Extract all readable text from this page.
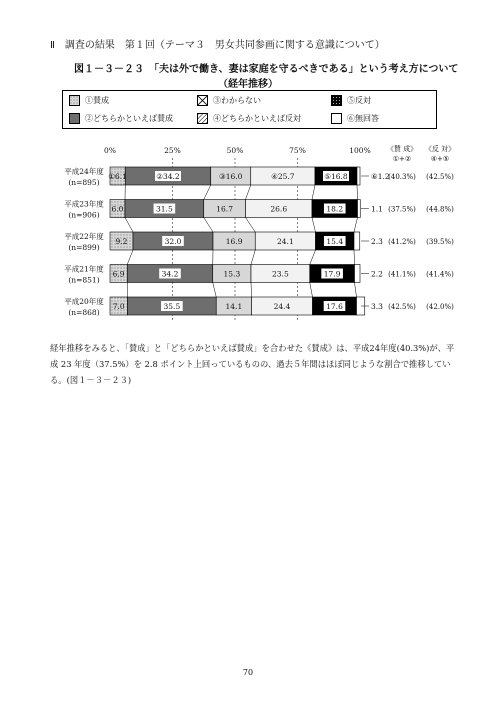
Ⅱ　調査の結果　第１回（テーマ３　男女共同参画に関する意識について）
図１－３－２３　「夫は外で働き、妻は家庭を守るべきである」という考え方について
（経年推移）
①賛成	③わからない	⑤反対
②どちらかといえば賛成	④どちらかといえば反対	⑥無回答
0%	25%	50%	75%	100% 《賛 成》
①+②
《反 対》
④+⑤
平成24年度
(n=895)
①6.1	②34.2	③16.0	④25.7	⑤16.8	⑥1.2
(40.3%) (42.5%)
平成23年度
(n=906)
6.0	31.5	16.7	26.6	18.2	1.1 (37.5%) (44.8%)
平成22年度
(n=899)
9.2	32.0	16.9	24.1	15.4	2.3 (41.2%) (39.5%)
平成21年度
(n=851)
6.9	34.2	15.3	23.5	17.9	2.2 (41.1%) (41.4%)
平成20年度
(n=868)
7.0	35.5	14.1	24.4	17.6	3.3 (42.5%) (42.0%)
経年推移をみると、「賛成」と「どちらかといえば賛成」を合わせた《賛成》は、平成24年度(40.3%)が、平成 23 年度（37.5%）を 2.8 ポイント上回っているものの、過去５年間はほぼ同じような割合で推移している。(図１－３－２３)
70
